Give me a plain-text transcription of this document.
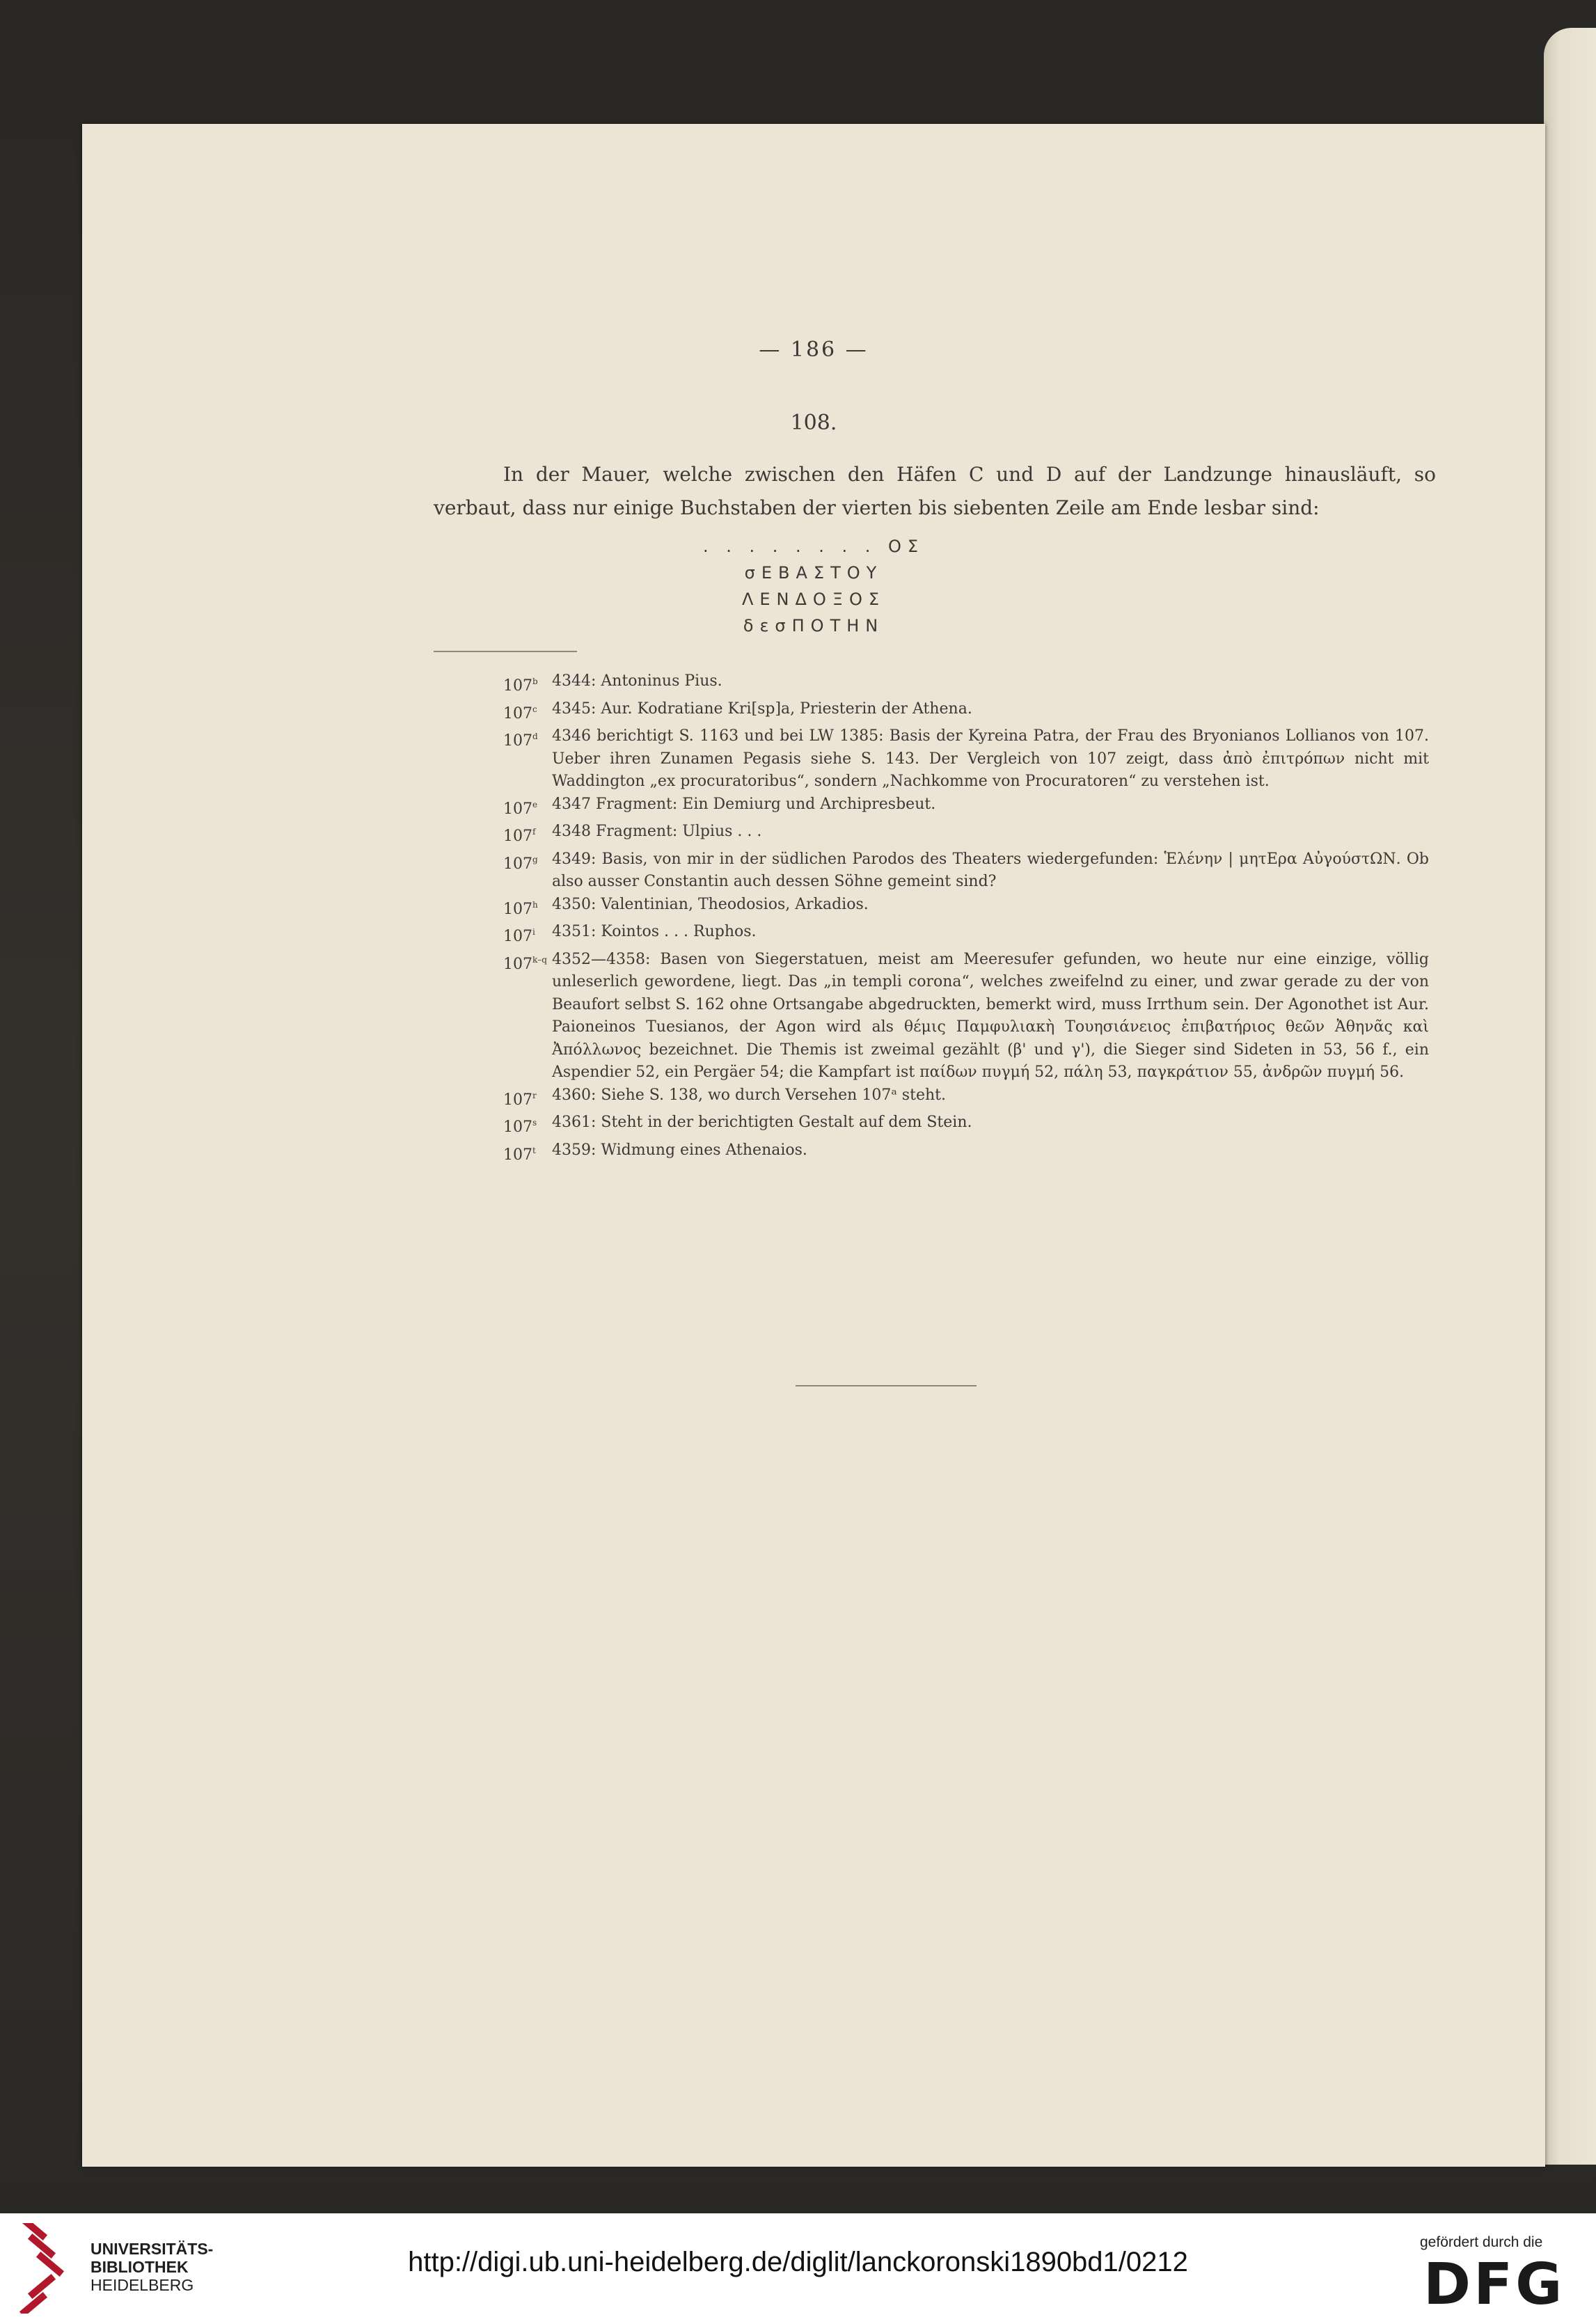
— 186 —
108.
In der Mauer, welche zwischen den Häfen C und D auf der Landzunge hinausläuft, so verbaut, dass nur einige Buchstaben der vierten bis siebenten Zeile am Ende lesbar sind:
. . . . . . . . ΟΣ
σΕΒΑΣΤΟΥ
ΛΕΝΔΟΞΟΣ
δεσΠΟΤΗΝ
107$^b$ 4344: Antoninus Pius.
107$^c$ 4345: Aur. Kodratiane Kri[sp]a, Priesterin der Athena.
107$^d$ 4346 berichtigt S. 1163 und bei LW 1385: Basis der Kyreina Patra, der Frau des Bryonianos Lollianos von 107. Ueber ihren Zunamen Pegasis siehe S. 143. Der Vergleich von 107 zeigt, dass ἀπὸ ἐπιτρόπων nicht mit Waddington „ex procuratoribus“, sondern „Nachkomme von Procuratoren“ zu verstehen ist.
107e 4347 Fragment: Ein Demiurg und Archipresbeut.
107$^f$	4348 Fragment: Ulpius . . .
107$^g$ 4349: Basis, von mir in der südlichen Parodos des Theaters wiedergefunden: Ἑλένην | μητΕρα ΑὐγούστΩΝ. Ob also ausser Constantin auch dessen Söhne gemeint sind?
107$^h$ 4350: Valentinian, Theodosios, Arkadios.
107$^i$	4351: Kointos . . . Ruphos.
107$^{k-q}$ 4352—4358: Basen von Siegerstatuen, meist am Meeresufer gefunden, wo heute nur eine einzige, völlig unleserlich gewordene, liegt. Das „in templi corona“, welches zweifelnd zu einer, und zwar gerade zu der von Beaufort selbst S. 162 ohne Ortsangabe abgedruckten, bemerkt wird, muss Irrthum sein. Der Agonothet ist Aur. Paioneinos Tuesianos, der Agon wird als θέμις Παμφυλιακὴ Τουησιάνειος ἐπιβατήριος θεῶν Ἀθηνᾶς καὶ Ἀπόλλωνος bezeichnet. Die Themis ist zweimal gezählt (β' und γ'), die Sieger sind Sideten in 53, 56 f., ein Aspendier 52, ein Pergäer 54; die Kampfart ist παίδων πυγμή 52, πάλη 53, παγκράτιον 55, ἀνδρῶν πυγμή 56.
107$^r$	4360: Siehe S. 138, wo durch Versehen 107ᵃ steht.
107$^s$ 4361: Steht in der berichtigten Gestalt auf dem Stein.
107$^t$	4359: Widmung eines Athenaios.
UNIVERSITÄTS-
BIBLIOTHEK
HEIDELBERG
http://digi.ub.uni-heidelberg.de/diglit/lanckoronski1890bd1/0212
gefördert durch die
DFG
